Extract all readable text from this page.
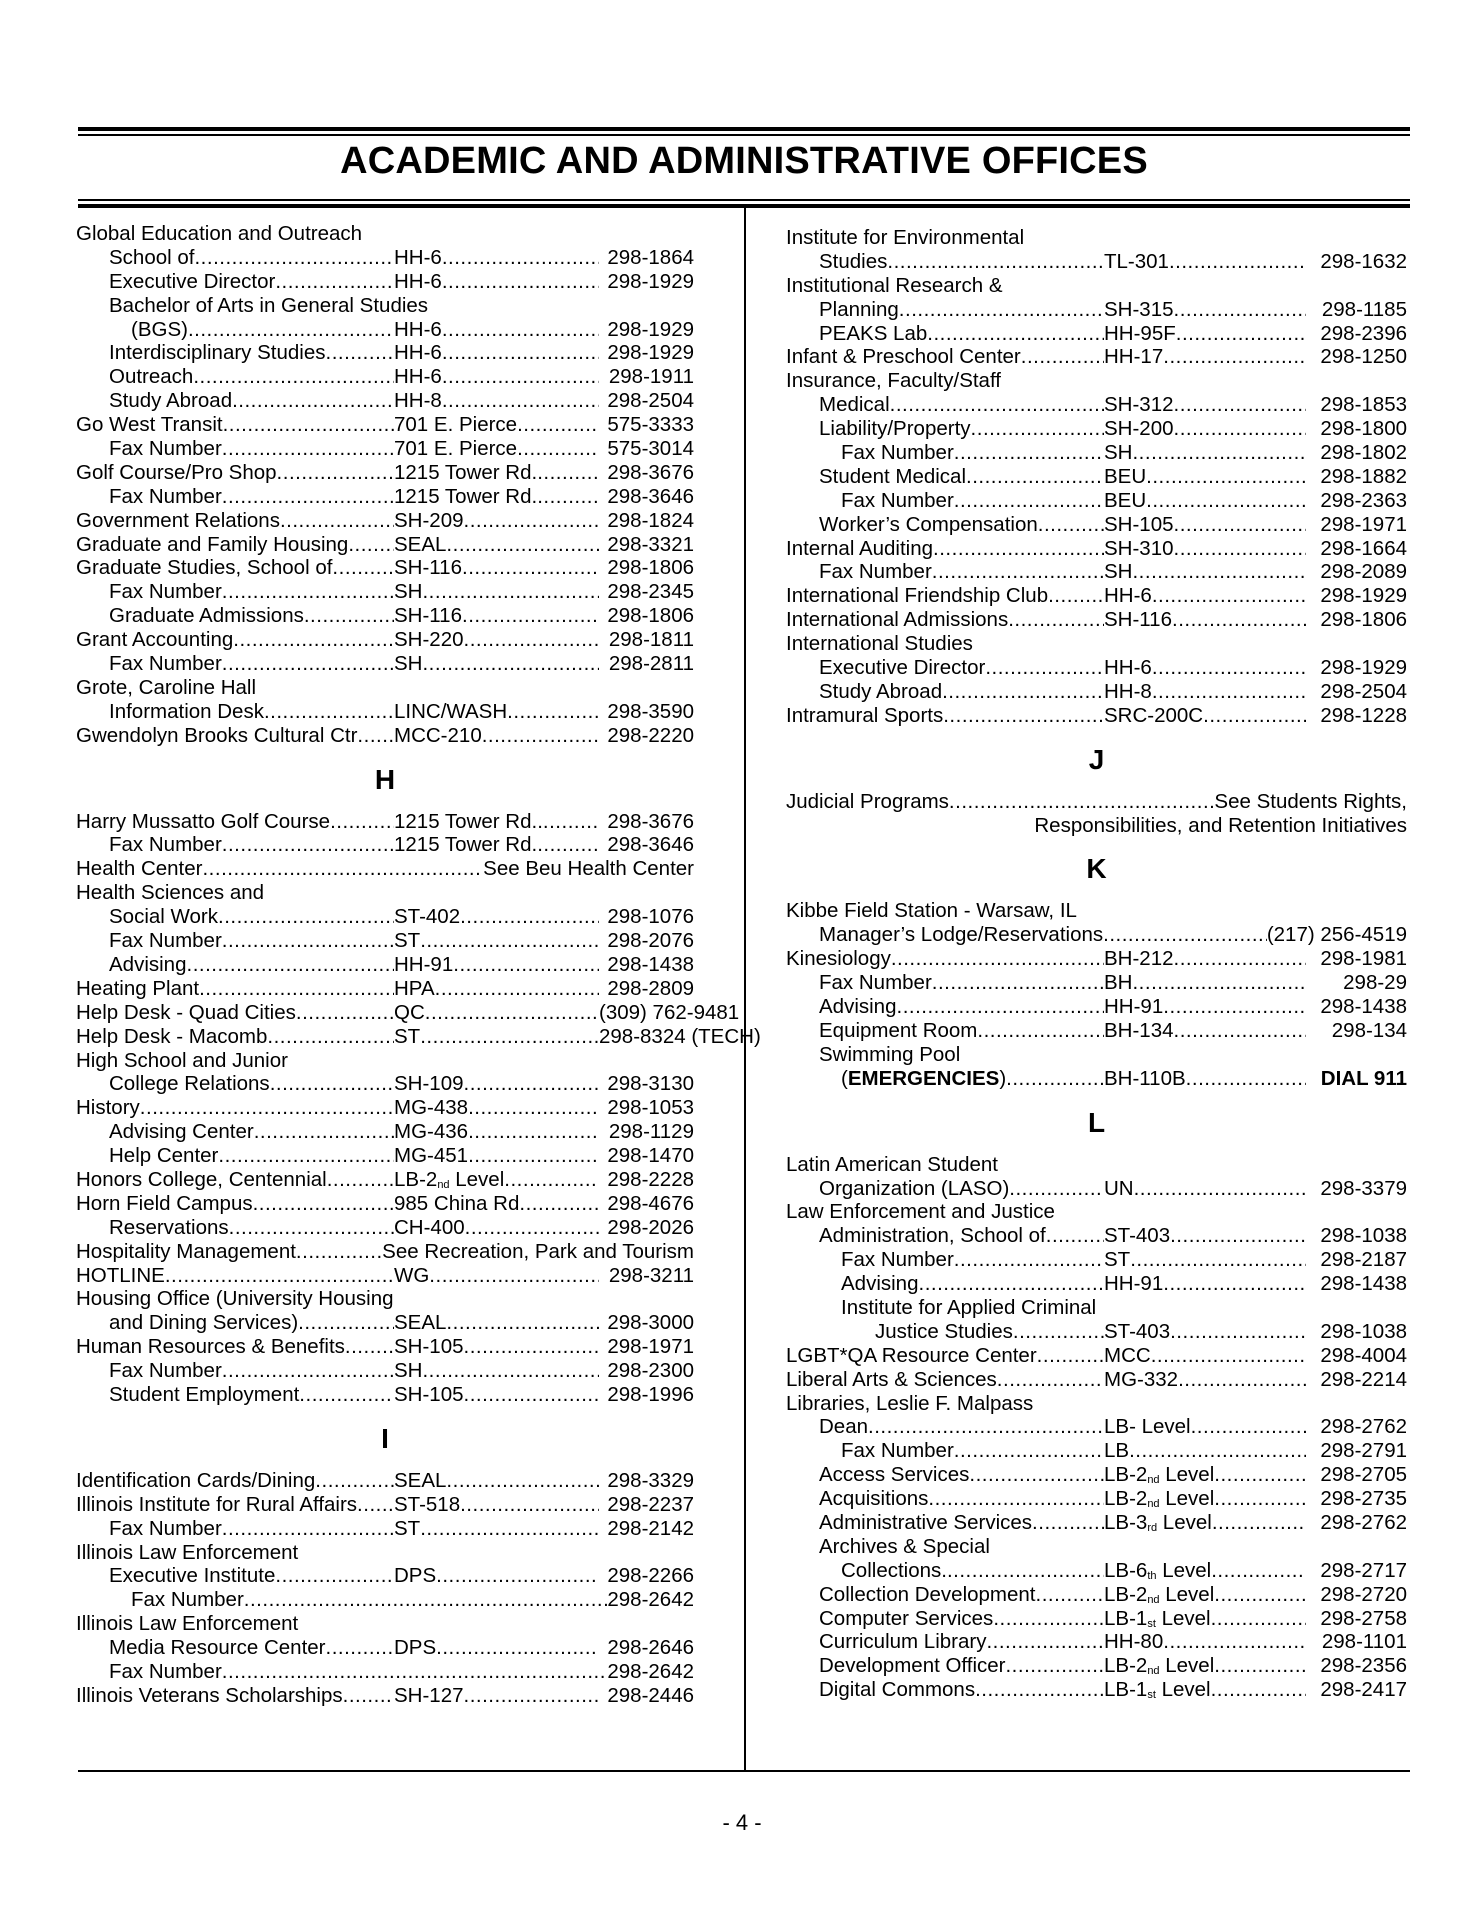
ACADEMIC AND ADMINISTRATIVE OFFICES
Global Education and Outreach
School of .....	HH-6 .....	298-1864
Executive Director .....	HH-6 .....	298-1929
Bachelor of Arts in General Studies
(BGS) .....	HH-6 .....	298-1929
Interdisciplinary Studies .....	HH-6 .....	298-1929
Outreach .....	HH-6 .....	298-1911
Study Abroad .....	HH-8 .....	298-2504
Go West Transit .....	701 E. Pierce .....	575-3333
Fax Number .....	701 E. Pierce .....	575-3014
Golf Course/Pro Shop .....	1215 Tower Rd. .....	298-3676
Fax Number .....	1215 Tower Rd. .....	298-3646
Government Relations .....	SH-209 .....	298-1824
Graduate and Family Housing ..... SEAL .....	298-3321
Graduate Studies, School of .....	SH-116 .....	298-1806
Fax Number .....	SH .....	298-2345
Graduate Admissions .....	SH-116 .....	298-1806
Grant Accounting .....	SH-220 .....	298-1811
Fax Number .....	SH .....	298-2811
Grote, Caroline Hall
Information Desk .....	LINC/WASH .....	298-3590
Gwendolyn Brooks Cultural Ctr ..... MCC-210 .....	298-2220
H
Harry Mussatto Golf Course .....	1215 Tower Rd.. .....	298-3676
Fax Number .....	1215 Tower Rd. .....	298-3646
Health Center .....	See Beu Health Center
Health Sciences and
Social Work .....	ST-402 .....	298-1076
Fax Number .....	ST .....	298-2076
Advising .....	HH-91 .....	298-1438
Heating Plant .....	HPA .....	298-2809
Help Desk - Quad Cities .....	QC .....	(309) 762-9481
Help Desk - Macomb .....	ST .....	298-8324 (TECH)
High School and Junior
College Relations .....	SH-109 .....	298-3130
History .....	MG-438 .....	298-1053
Advising Center .....	MG-436 .....	298-1129
Help Center .....	MG-451 .....	298-1470
Honors College, Centennial .....	LB-2 nd Level .....	298-2228
Horn Field Campus .....	985 China Rd .....	298-4676
Reservations .....	CH-400 .....	298-2026
Hospitality Management .....	See Recreation, Park and Tourism
HOTLINE .....	WG .....	298-3211
Housing Office (University Housing
and Dining Services) .....	SEAL .....	298-3000
Human Resources & Benefits ..... SH-105 .....	298-1971
Fax Number .....	SH .....	298-2300
Student Employment .....	SH-105 .....	298-1996
I
Identification Cards/Dining .....	SEAL .....	298-3329
Illinois Institute for Rural Affairs ..... ST-518 .....	298-2237
Fax Number .....	ST .....	298-2142
Illinois Law Enforcement
Executive Institute .....	DPS .....	298-2266
Fax Number .....	298-2642
Illinois Law Enforcement
Media Resource Center .....	DPS .....	298-2646
Fax Number .....	298-2642
Illinois Veterans Scholarships .....	SH-127 .....	298-2446
Institute for Environmental
Studies .....	TL-301 .....	298-1632
Institutional Research &
Planning .....	SH-315 .....	298-1185
PEAKS Lab .....	HH-95F .....	298-2396
Infant & Preschool Center .....	HH-17 .....	298-1250
Insurance, Faculty/Staff
Medical .....	SH-312 .....	298-1853
Liability/Property .....	SH-200 .....	298-1800
Fax Number .....	SH .....	298-1802
Student Medical .....	BEU .....	298-1882
Fax Number .....	BEU .....	298-2363
Worker’s Compensation .....	SH-105 .....	298-1971
Internal Auditing .....	SH-310 .....	298-1664
Fax Number .....	SH .....	298-2089
International Friendship Club .....	HH-6 .....	298-1929
International Admissions .....	SH-116 .....	298-1806
International Studies
Executive Director .....	HH-6 .....	298-1929
Study Abroad .....	HH-8 .....	298-2504
Intramural Sports .....	SRC-200C .....	298-1228
J
Judicial Programs .....	See Students Rights,
Responsibilities, and Retention Initiatives
K
Kibbe Field Station - Warsaw, IL
Manager’s Lodge/Reservations .....	(217) 256-4519
Kinesiology .....	BH-212 .....	298-1981
Fax Number .....	BH .....	298-29
Advising .....	HH-91 .....	298-1438
Equipment Room .....	BH-134 .....	298-134
Swimming Pool
( EMERGENCIES ) .....	BH-110B .....	DIAL 911
L
Latin American Student
Organization (LASO) .....	UN .....	298-3379
Law Enforcement and Justice
Administration, School of .....	ST-403 .....	298-1038
Fax Number .....	ST .....	298-2187
Advising .....	HH-91 .....	298-1438
Institute for Applied Criminal
Justice Studies .....	ST-403 .....	298-1038
LGBT*QA Resource Center .....	MCC .....	298-4004
Liberal Arts & Sciences .....	MG-332 .....	298-2214
Libraries, Leslie F. Malpass
Dean .....	LB- Level .....	298-2762
Fax Number .....	LB .....	298-2791
Access Services .....	LB-2 nd Level .....	298-2705
Acquisitions .....	LB-2 nd Level .....	298-2735
Administrative Services .....	LB-3 rd Level .....	298-2762
Archives & Special
Collections. .....	LB-6 th Level .....	298-2717
Collection Development .....	LB-2 nd Level .....	298-2720
Computer Services .....	LB-1 st Level .....	298-2758
Curriculum Library .....	HH-80 .....	298-1101
Development Officer .....	LB-2 nd Level .....	298-2356
Digital Commons .....	LB-1 st Level .....	298-2417
- 4 -
